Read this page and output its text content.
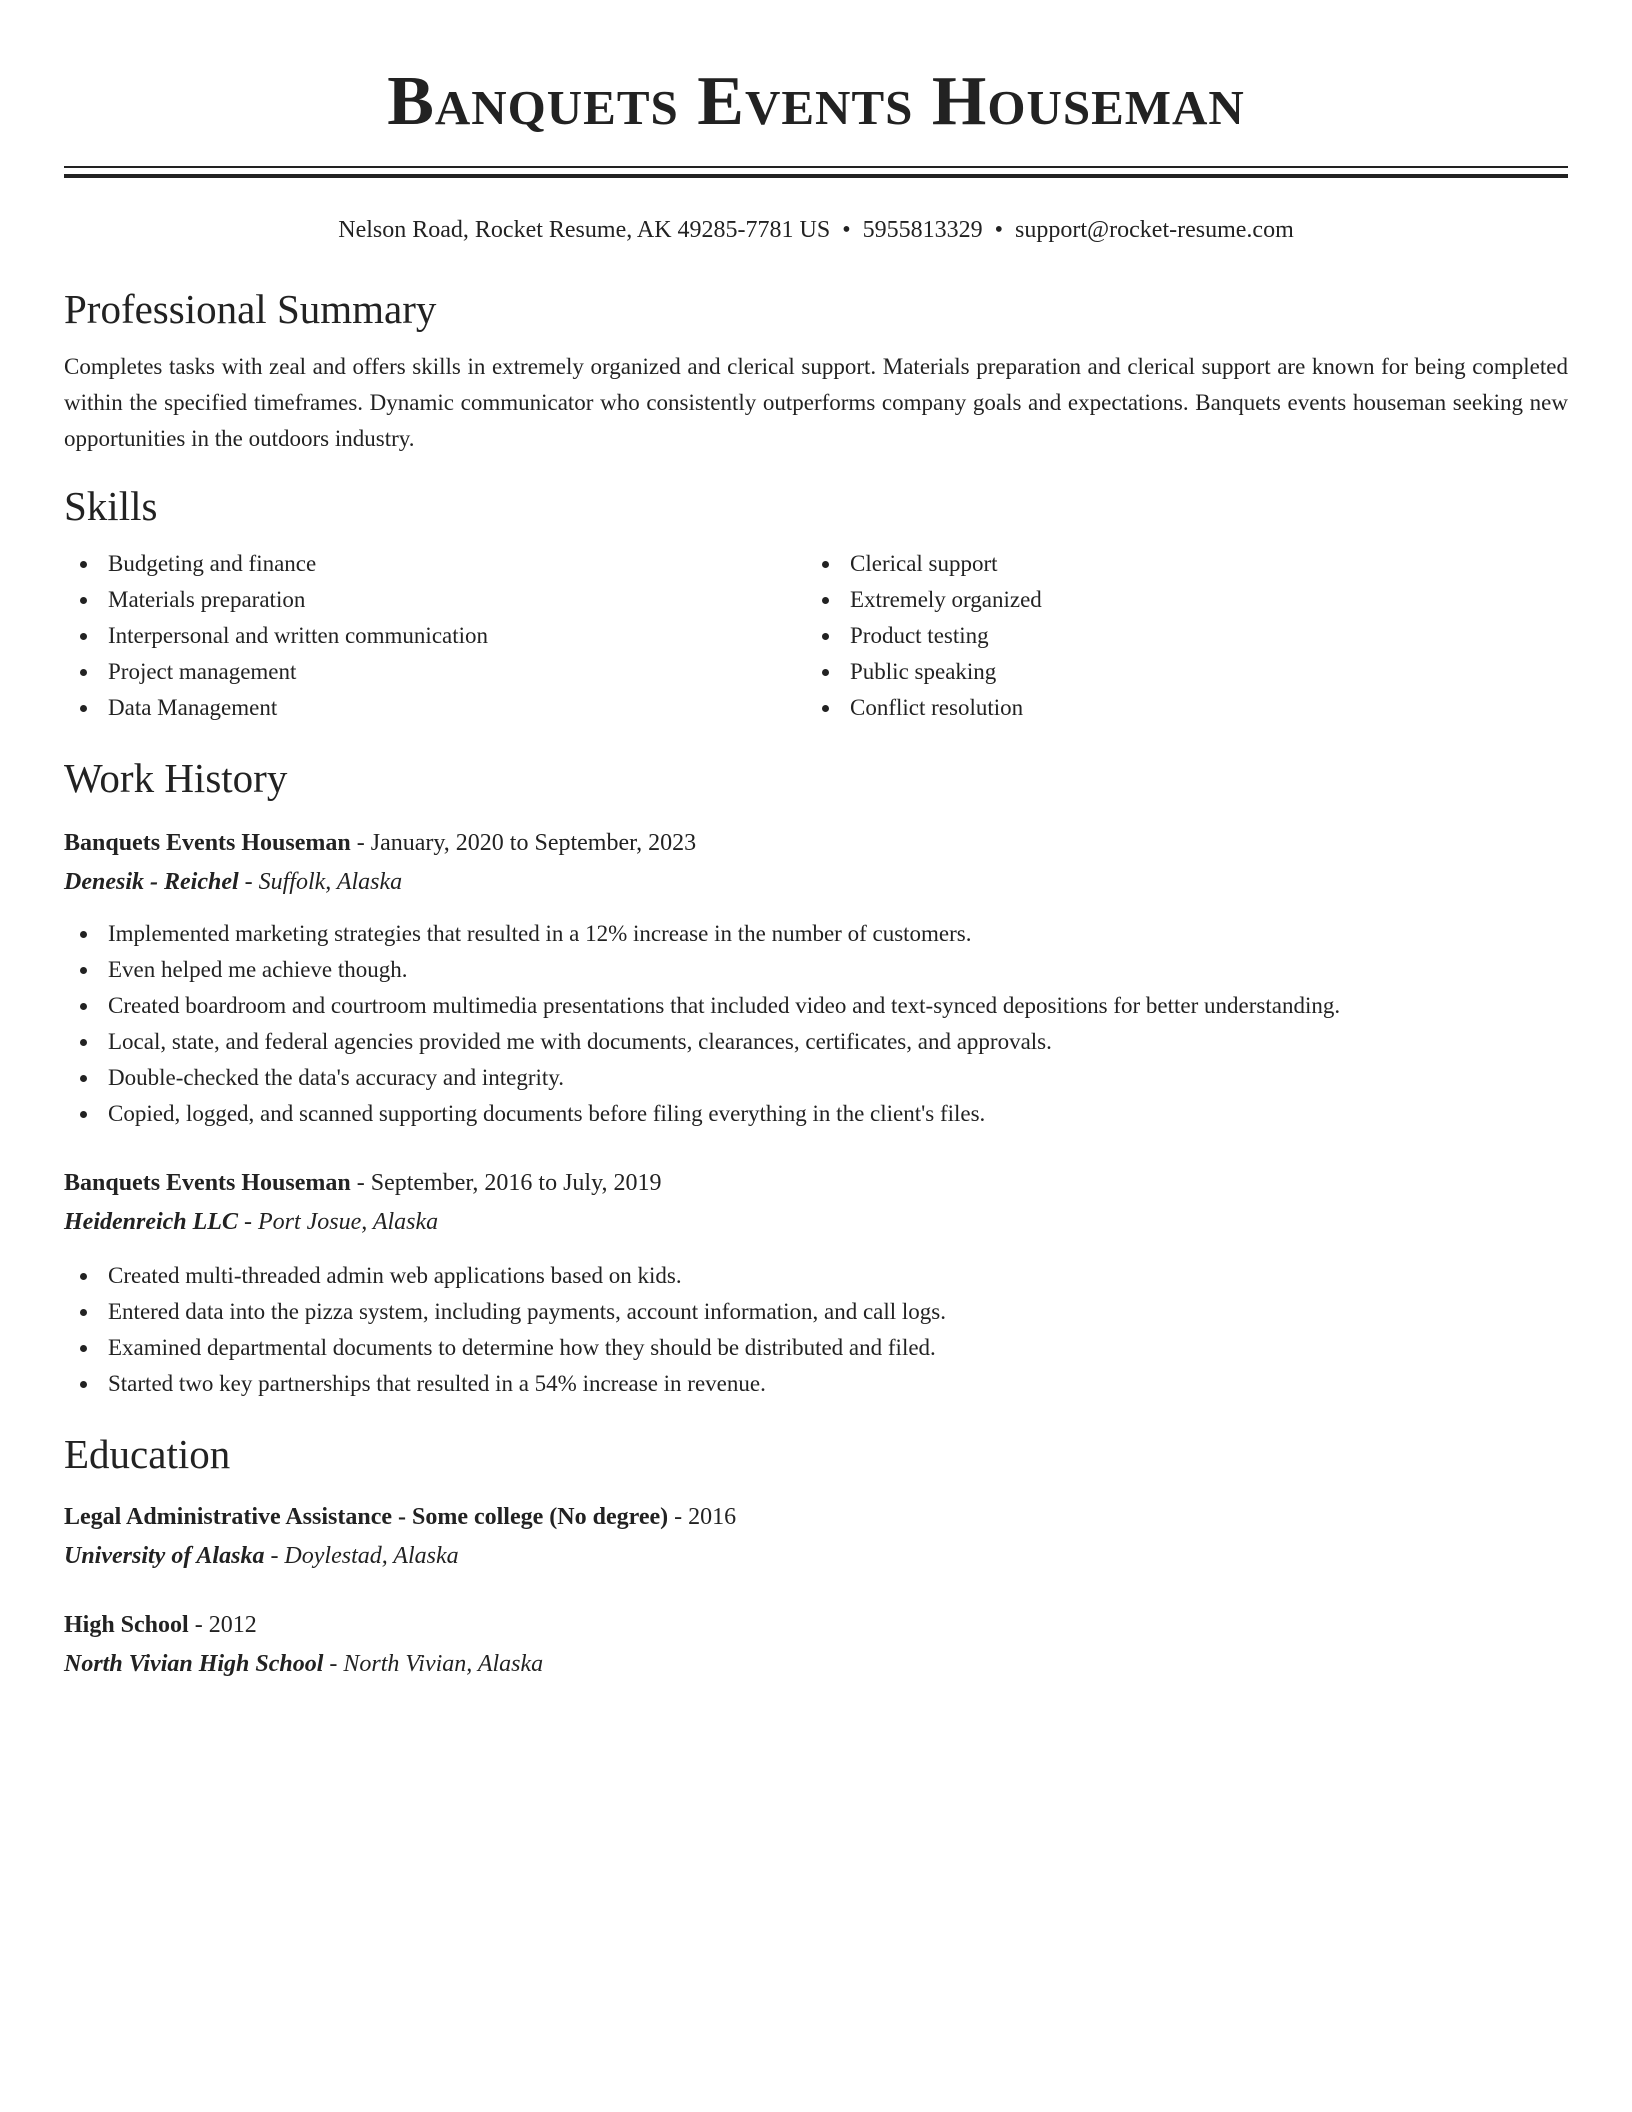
Banquets Events Houseman
Nelson Road, Rocket Resume, AK 49285-7781 US • 5955813329 • support@rocket-resume.com
Professional Summary
Completes tasks with zeal and offers skills in extremely organized and clerical support. Materials preparation and clerical support are known for being completed within the specified timeframes. Dynamic communicator who consistently outperforms company goals and expectations. Banquets events houseman seeking new opportunities in the outdoors industry.
Skills
Budgeting and finance
Materials preparation
Interpersonal and written communication
Project management
Data Management
Clerical support
Extremely organized
Product testing
Public speaking
Conflict resolution
Work History
Banquets Events Houseman - January, 2020 to September, 2023
Denesik - Reichel - Suffolk, Alaska
Implemented marketing strategies that resulted in a 12% increase in the number of customers.
Even helped me achieve though.
Created boardroom and courtroom multimedia presentations that included video and text-synced depositions for better understanding.
Local, state, and federal agencies provided me with documents, clearances, certificates, and approvals.
Double-checked the data's accuracy and integrity.
Copied, logged, and scanned supporting documents before filing everything in the client's files.
Banquets Events Houseman - September, 2016 to July, 2019
Heidenreich LLC - Port Josue, Alaska
Created multi-threaded admin web applications based on kids.
Entered data into the pizza system, including payments, account information, and call logs.
Examined departmental documents to determine how they should be distributed and filed.
Started two key partnerships that resulted in a 54% increase in revenue.
Education
Legal Administrative Assistance - Some college (No degree) - 2016
University of Alaska - Doylestad, Alaska
High School - 2012
North Vivian High School - North Vivian, Alaska
